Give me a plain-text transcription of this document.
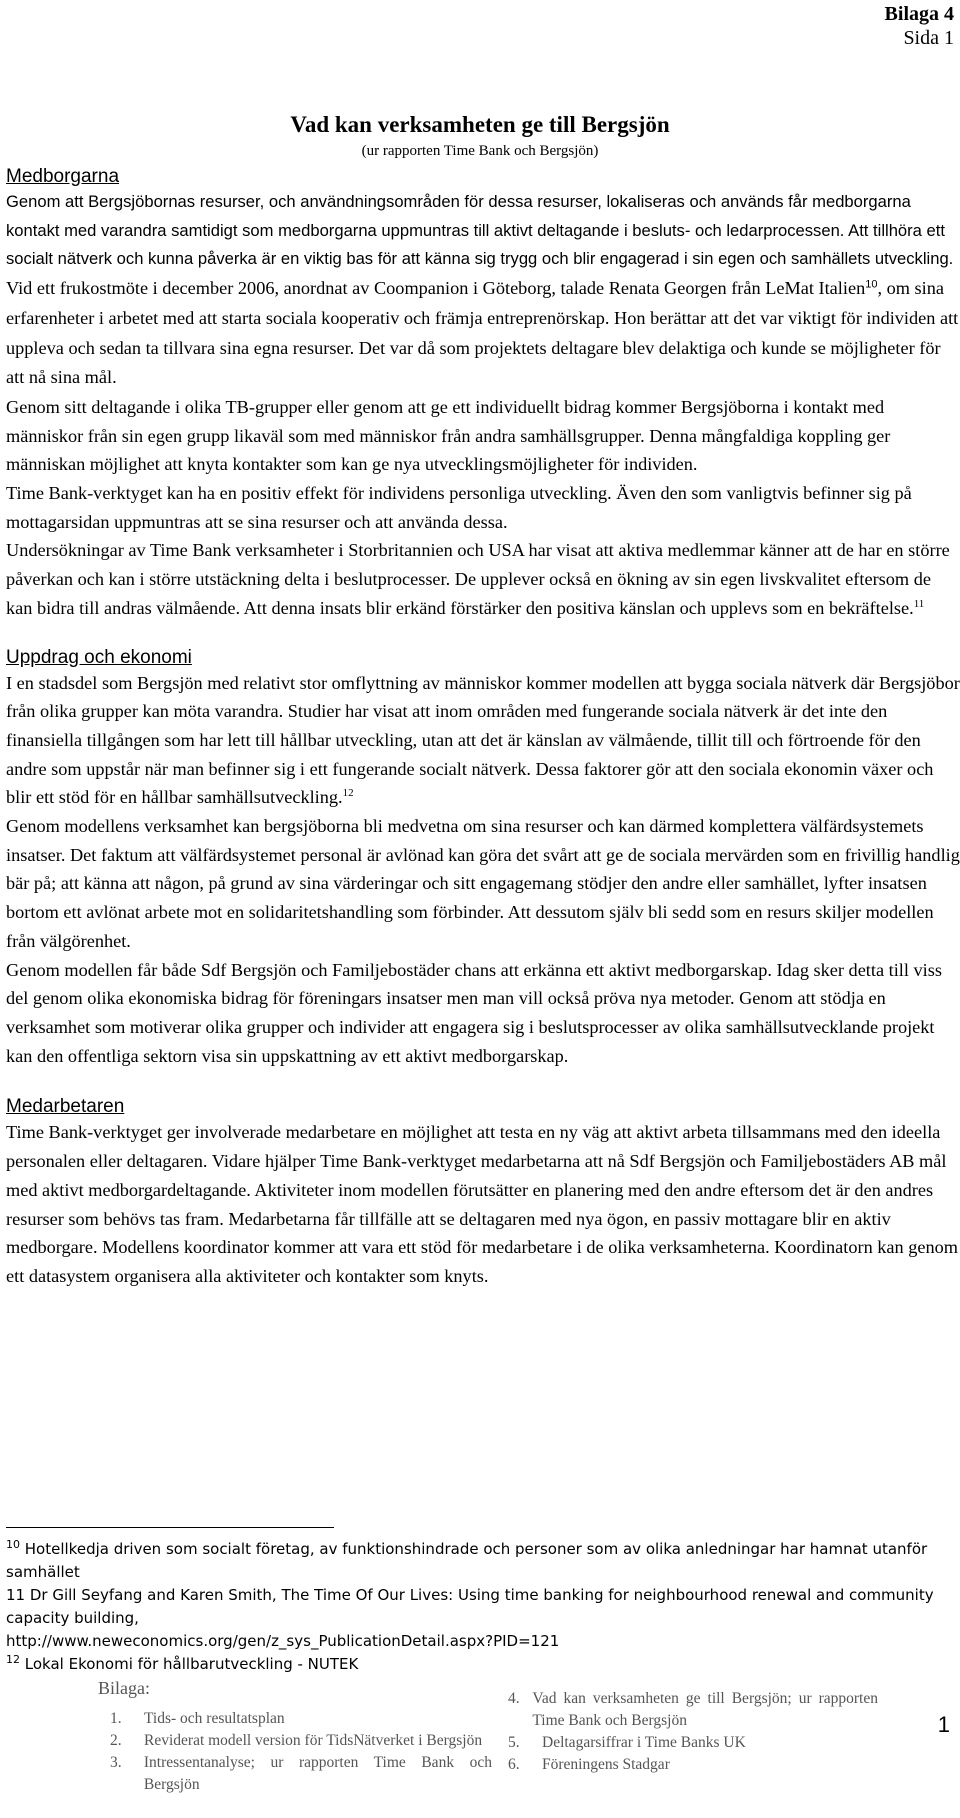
Bilaga 4
Sida 1
Vad kan verksamheten ge till Bergsjön
(ur rapporten Time Bank och Bergsjön)
Medborgarna

Genom att Bergsjöbornas resurser, och användningsområden för dessa resurser, lokaliseras och används får medborgarna kontakt med varandra samtidigt som medborgarna uppmuntras till aktivt deltagande i besluts- och ledarprocessen. Att tillhöra ett socialt nätverk och kunna påverka är en viktig bas för att känna sig trygg och blir engagerad i sin egen och samhällets utveckling. Vid ett frukostmöte i december 2006, anordnat av Coompanion i Göteborg, talade Renata Georgen från LeMat Italien$^{10}$, om sina erfarenheter i arbetet med att starta sociala kooperativ och främja entreprenörskap. Hon berättar att det var viktigt för individen att uppleva och sedan ta tillvara sina egna resurser. Det var då som projektets deltagare blev delaktiga och kunde se möjligheter för att nå sina mål.

Genom sitt deltagande i olika TB-grupper eller genom att ge ett individuellt bidrag kommer Bergsjöborna i kontakt med människor från sin egen grupp likaväl som med människor från andra samhällsgrupper. Denna mångfaldiga koppling ger människan möjlighet att knyta kontakter som kan ge nya utvecklingsmöjligheter för individen.

Time Bank-verktyget kan ha en positiv effekt för individens personliga utveckling. Även den som vanligtvis befinner sig på mottagarsidan uppmuntras att se sina resurser och att använda dessa.

Undersökningar av Time Bank verksamheter i Storbritannien och USA har visat att aktiva medlemmar känner att de har en större påverkan och kan i större utstäckning delta i beslutprocesser. De upplever också en ökning av sin egen livskvalitet eftersom de kan bidra till andras välmående. Att denna insats blir erkänd förstärker den positiva känslan och upplevs som en bekräftelse.$^{11}$

Uppdrag och ekonomi

I en stadsdel som Bergsjön med relativt stor omflyttning av människor kommer modellen att bygga sociala nätverk där Bergsjöbor från olika grupper kan möta varandra. Studier har visat att inom områden med fungerande sociala nätverk är det inte den finansiella tillgången som har lett till hållbar utveckling, utan att det är känslan av välmående, tillit till och förtroende för den andre som uppstår när man befinner sig i ett fungerande socialt nätverk. Dessa faktorer gör att den sociala ekonomin växer och blir ett stöd för en hållbar samhällsutveckling.$^{12}$

Genom modellens verksamhet kan bergsjöborna bli medvetna om sina resurser och kan därmed komplettera välfärdsystemets insatser. Det faktum att välfärdsystemet personal är avlönad kan göra det svårt att ge de sociala mervärden som en frivillig handlig bär på; att känna att någon, på grund av sina värderingar och sitt engagemang stödjer den andre eller samhället, lyfter insatsen bortom ett avlönat arbete mot en solidaritetshandling som förbinder. Att dessutom själv bli sedd som en resurs skiljer modellen från välgörenhet.

Genom modellen får både Sdf Bergsjön och Familjebostäder chans att erkänna ett aktivt medborgarskap. Idag sker detta till viss del genom olika ekonomiska bidrag för föreningars insatser men man vill också pröva nya metoder. Genom att stödja en verksamhet som motiverar olika grupper och individer att engagera sig i beslutsprocesser av olika samhällsutvecklande projekt kan den offentliga sektorn visa sin uppskattning av ett aktivt medborgarskap.

Medarbetaren

Time Bank-verktyget ger involverade medarbetare en möjlighet att testa en ny väg att aktivt arbeta tillsammans med den ideella personalen eller deltagaren. Vidare hjälper Time Bank-verktyget medarbetarna att nå Sdf Bergsjön och Familjebostäders AB mål med aktivt medborgardeltagande. Aktiviteter inom modellen förutsätter en planering med den andre eftersom det är den andres resurser som behövs tas fram. Medarbetarna får tillfälle att se deltagaren med nya ögon, en passiv mottagare blir en aktiv medborgare. Modellens koordinator kommer att vara ett stöd för medarbetare i de olika verksamheterna. Koordinatorn kan genom ett datasystem organisera alla aktiviteter och kontakter som knyts.

$^{10}$ Hotellkedja driven som socialt företag, av funktionshindrade och personer som av olika anledningar har hamnat utanför samhället
11 Dr Gill Seyfang and Karen Smith, The Time Of Our Lives: Using time banking for neighbourhood renewal and community capacity building,
http://www.neweconomics.org/gen/z_sys_PublicationDetail.aspx?PID=121
$^{12}$ Lokal Ekonomi för hållbarutveckling - NUTEK
Bilaga:
1.	Tids- och resultatsplan
2.	Reviderat modell version för TidsNätverket i Bergsjön
3.	Intressentanalyse; ur rapporten Time Bank och Bergsjön
4. Vad kan verksamheten ge till Bergsjön; ur rapporten Time Bank och Bergsjön
5.	Deltagarsiffrar i Time Banks UK
6.	Föreningens Stadgar
1
